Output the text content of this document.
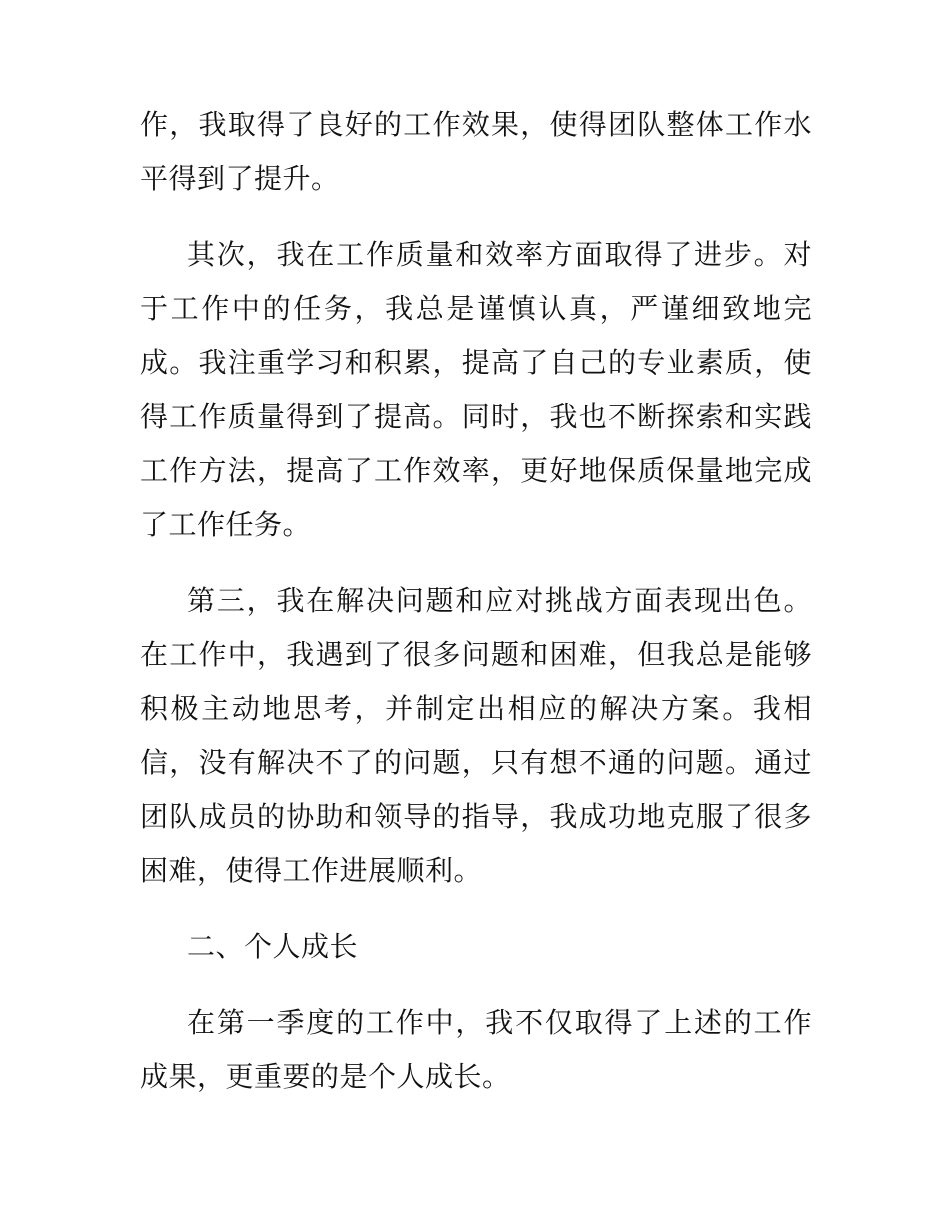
作，我取得了良好的工作效果，使得团队整体工作水平得到了提升。

其次，我在工作质量和效率方面取得了进步。对于工作中的任务，我总是谨慎认真，严谨细致地完成。我注重学习和积累，提高了自己的专业素质，使得工作质量得到了提高。同时，我也不断探索和实践工作方法，提高了工作效率，更好地保质保量地完成了工作任务。

第三，我在解决问题和应对挑战方面表现出色。在工作中，我遇到了很多问题和困难，但我总是能够积极主动地思考，并制定出相应的解决方案。我相信，没有解决不了的问题，只有想不通的问题。通过团队成员的协助和领导的指导，我成功地克服了很多困难，使得工作进展顺利。

二、个人成长

在第一季度的工作中，我不仅取得了上述的工作成果，更重要的是个人成长。
